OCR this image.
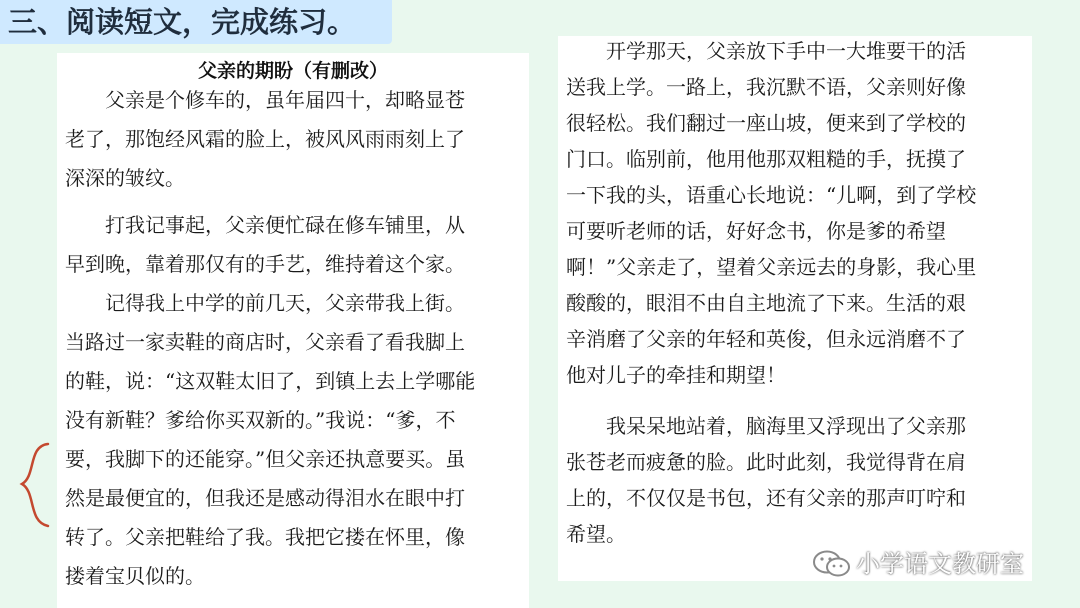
三、阅读短文，完成练习。
父亲的期盼（有删改）
父亲是个修车的，虽年届四十，却略显苍
老了，那饱经风霜的脸上，被风风雨雨刻上了
深深的皱纹。
打我记事起，父亲便忙碌在修车铺里，从
早到晚，靠着那仅有的手艺，维持着这个家。
记得我上中学的前几天，父亲带我上街。
当路过一家卖鞋的商店时，父亲看了看我脚上
的鞋，说：“这双鞋太旧了，到镇上去上学哪能
没有新鞋？爹给你买双新的。”我说：“爹，不
要，我脚下的还能穿。”但父亲还执意要买。虽
然是最便宜的，但我还是感动得泪水在眼中打
转了。父亲把鞋给了我。我把它搂在怀里，像
搂着宝贝似的。
开学那天，父亲放下手中一大堆要干的活
送我上学。一路上，我沉默不语，父亲则好像
很轻松。我们翻过一座山坡，便来到了学校的
门口。临别前，他用他那双粗糙的手，抚摸了
一下我的头，语重心长地说：“儿啊，到了学校
可要听老师的话，好好念书，你是爹的希望
啊！”父亲走了，望着父亲远去的身影，我心里
酸酸的，眼泪不由自主地流了下来。生活的艰
辛消磨了父亲的年轻和英俊，但永远消磨不了
他对儿子的牵挂和期望！
我呆呆地站着，脑海里又浮现出了父亲那
张苍老而疲惫的脸。此时此刻，我觉得背在肩
上的，不仅仅是书包，还有父亲的那声叮咛和
希望。
小学语文教研室
